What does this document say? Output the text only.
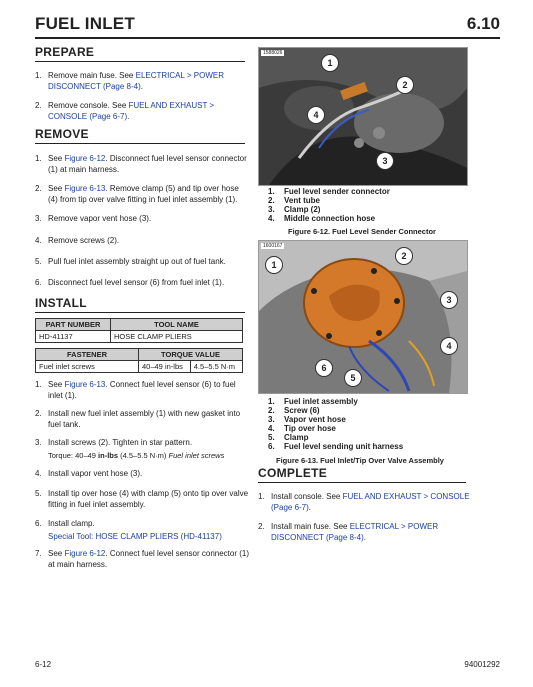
FUEL INLET	6.10
PREPARE
1. Remove main fuse. See ELECTRICAL > POWER DISCONNECT (Page 8-4).
2. Remove console. See FUEL AND EXHAUST > CONSOLE (Page 6-7).
REMOVE
1. See Figure 6-12. Disconnect fuel level sensor connector (1) at main harness.
2. See Figure 6-13. Remove clamp (5) and tip over hose (4) from tip over valve fitting in fuel inlet assembly (1).
3. Remove vapor vent hose (3).
4. Remove screws (2).
5. Pull fuel inlet assembly straight up out of fuel tank.
6. Disconnect fuel level sensor (6) from fuel inlet (1).
INSTALL
PART NUMBER	TOOL NAME
HD-41137	HOSE CLAMP PLIERS
FASTENER	TORQUE VALUE	
Fuel inlet screws	40–49 in-lbs	4.5–5.5 N·m
1. See Figure 6-13. Connect fuel level sensor (6) to fuel inlet (1).
2. Install new fuel inlet assembly (1) with new gasket into fuel tank.
3. Install screws (2). Tighten in star pattern.
Torque: 40–49 in-lbs (4.5–5.5 N·m) Fuel inlet screws
4. Install vapor vent hose (3).
5. Install tip over hose (4) with clamp (5) onto tip over valve fitting in fuel inlet assembly.
6. Install clamp.
Special Tool: HOSE CLAMP PLIERS (HD-41137)
7. See Figure 6-12. Connect fuel level sensor connector (1) at main harness.
1588026
1
2
3
4
1. Fuel level sender connector
2. Vent tube
3. Clamp (2)
4. Middle connection hose
Figure 6-12. Fuel Level Sender Connector
1600167
1
2
3
4
5
6
1. Fuel inlet assembly
2. Screw (6)
3. Vapor vent hose
4. Tip over hose
5. Clamp
6. Fuel level sending unit harness
Figure 6-13. Fuel Inlet/Tip Over Valve Assembly
COMPLETE
1. Install console. See FUEL AND EXHAUST > CONSOLE (Page 6-7).
2. Install main fuse. See ELECTRICAL > POWER DISCONNECT (Page 8-4).
6-12	94001292
